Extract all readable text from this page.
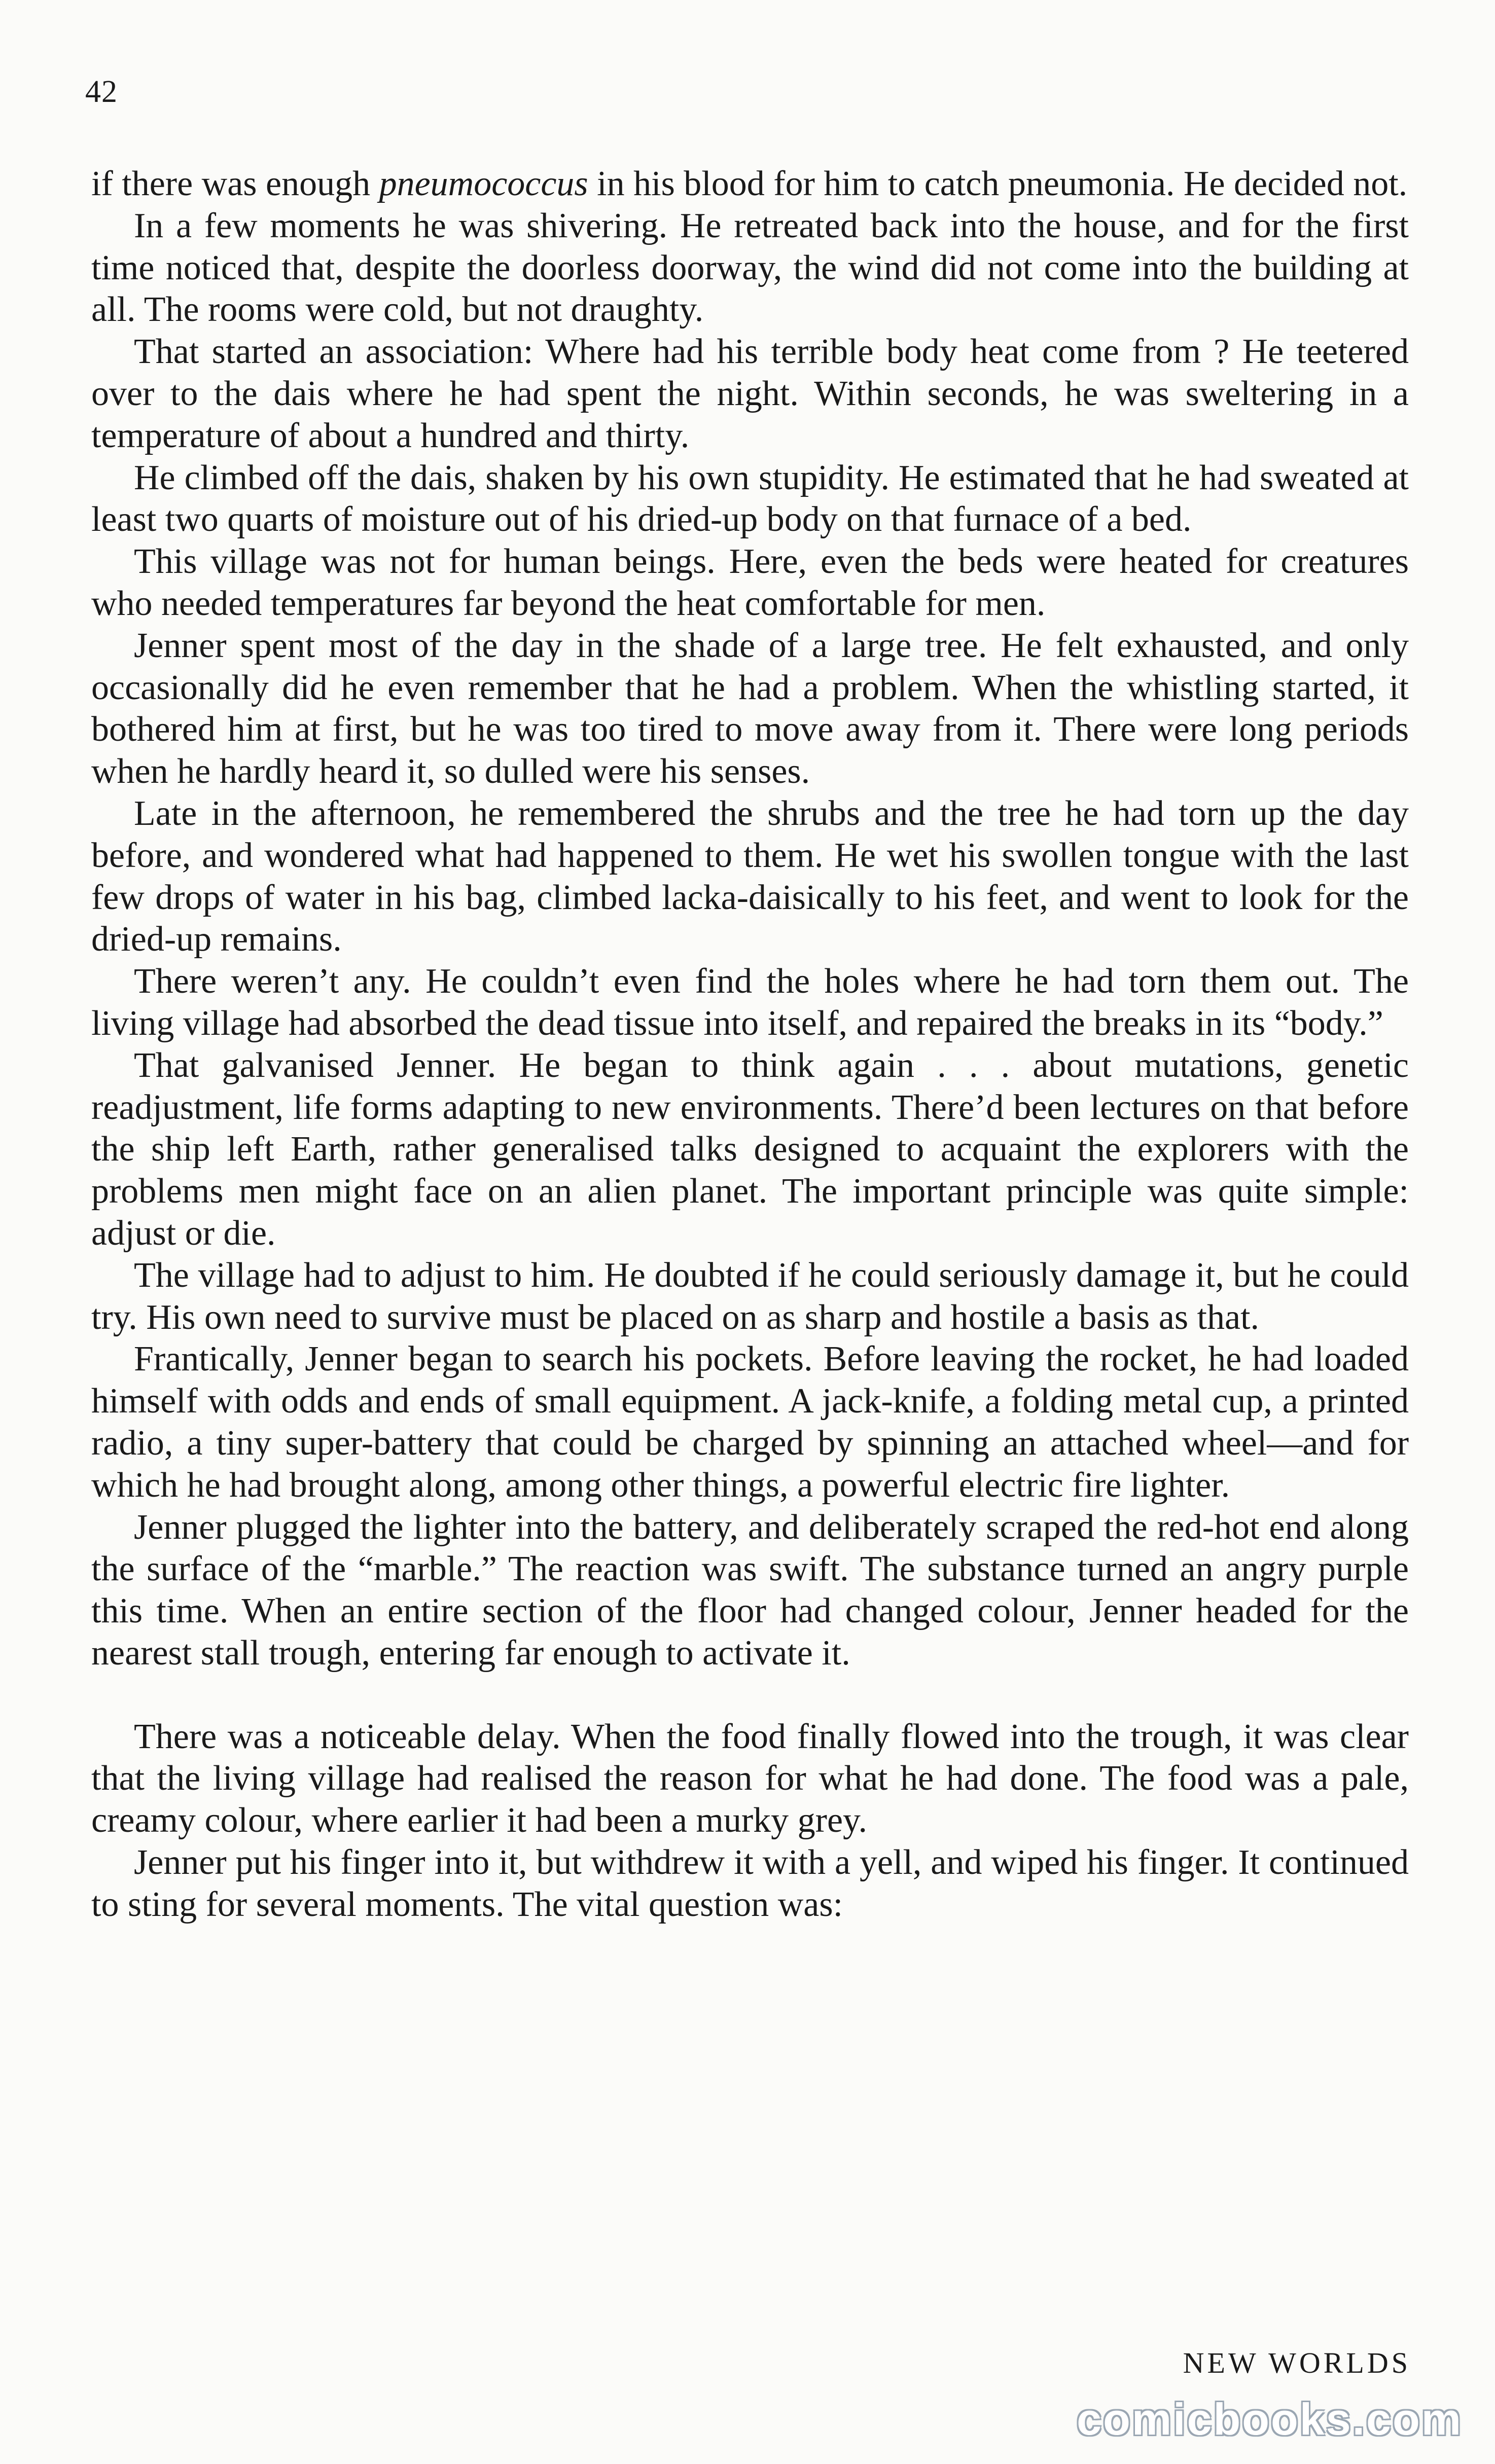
42

if there was enough pneumococcus in his blood for him to catch pneumonia. He decided not.

In a few moments he was shivering. He retreated back into the house, and for the first time noticed that, despite the doorless doorway, the wind did not come into the building at all. The rooms were cold, but not draughty.

That started an association: Where had his terrible body heat come from ? He teetered over to the dais where he had spent the night. Within seconds, he was sweltering in a temperature of about a hundred and thirty.

He climbed off the dais, shaken by his own stupidity. He estimated that he had sweated at least two quarts of moisture out of his dried-up body on that furnace of a bed.

This village was not for human beings. Here, even the beds were heated for creatures who needed temperatures far beyond the heat comfortable for men.

Jenner spent most of the day in the shade of a large tree. He felt exhausted, and only occasionally did he even remember that he had a problem. When the whistling started, it bothered him at first, but he was too tired to move away from it. There were long periods when he hardly heard it, so dulled were his senses.

Late in the afternoon, he remembered the shrubs and the tree he had torn up the day before, and wondered what had happened to them. He wet his swollen tongue with the last few drops of water in his bag, climbed lacka-daisically to his feet, and went to look for the dried-up remains.

There weren’t any. He couldn’t even find the holes where he had torn them out. The living village had absorbed the dead tissue into itself, and repaired the breaks in its “body.”

That galvanised Jenner. He began to think again . . . about mutations, genetic readjustment, life forms adapting to new environments. There’d been lectures on that before the ship left Earth, rather generalised talks designed to acquaint the explorers with the problems men might face on an alien planet. The important principle was quite simple: adjust or die.

The village had to adjust to him. He doubted if he could seriously damage it, but he could try. His own need to survive must be placed on as sharp and hostile a basis as that.

Frantically, Jenner began to search his pockets. Before leaving the rocket, he had loaded himself with odds and ends of small equipment. A jack-knife, a folding metal cup, a printed radio, a tiny super-battery that could be charged by spinning an attached wheel—and for which he had brought along, among other things, a powerful electric fire lighter.

Jenner plugged the lighter into the battery, and deliberately scraped the red-hot end along the surface of the “marble.” The reaction was swift. The substance turned an angry purple this time. When an entire section of the floor had changed colour, Jenner headed for the nearest stall trough, entering far enough to activate it.

There was a noticeable delay. When the food finally flowed into the trough, it was clear that the living village had realised the reason for what he had done. The food was a pale, creamy colour, where earlier it had been a murky grey.

Jenner put his finger into it, but withdrew it with a yell, and wiped his finger. It continued to sting for several moments. The vital question was:

NEW WORLDS
comicbooks.com
